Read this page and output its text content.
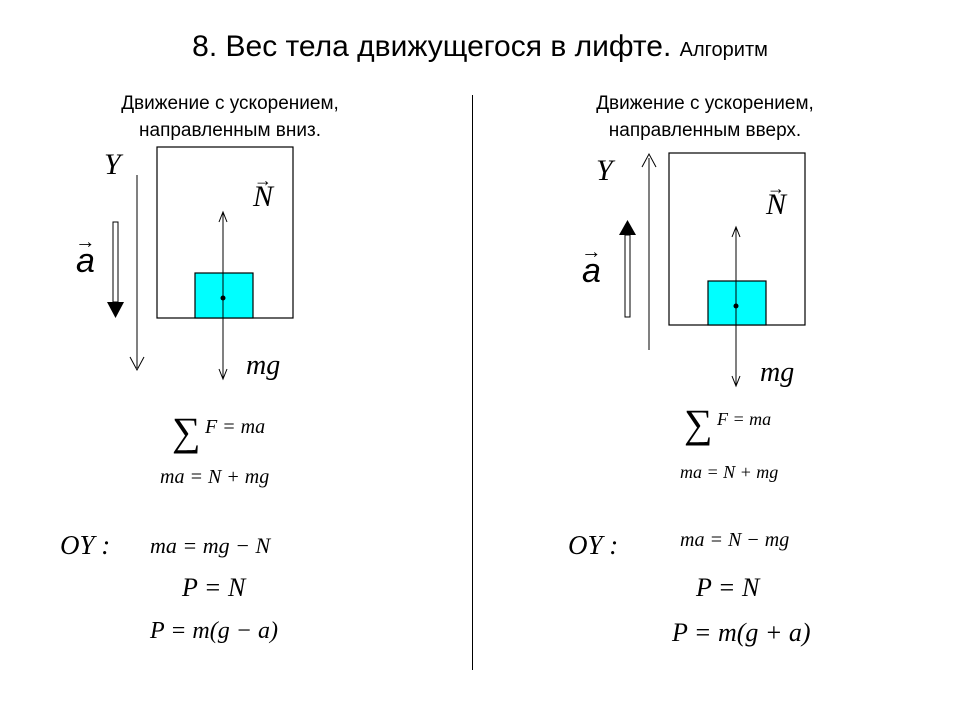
8. Вес тела движущегося в лифте. Алгоритм
Движение с ускорением,
направленным вниз.
Движение с ускорением,
направленным вверх.
Y
→ a
→ N
mg
∑ F = ma
ma = N + mg
OY : ma = mg − N
P = N
P = m(g − a)
Y
→ a
→ N
mg
∑ F = ma
ma = N + mg
OY :	ma = N − mg
P = N
P = m(g + a)
